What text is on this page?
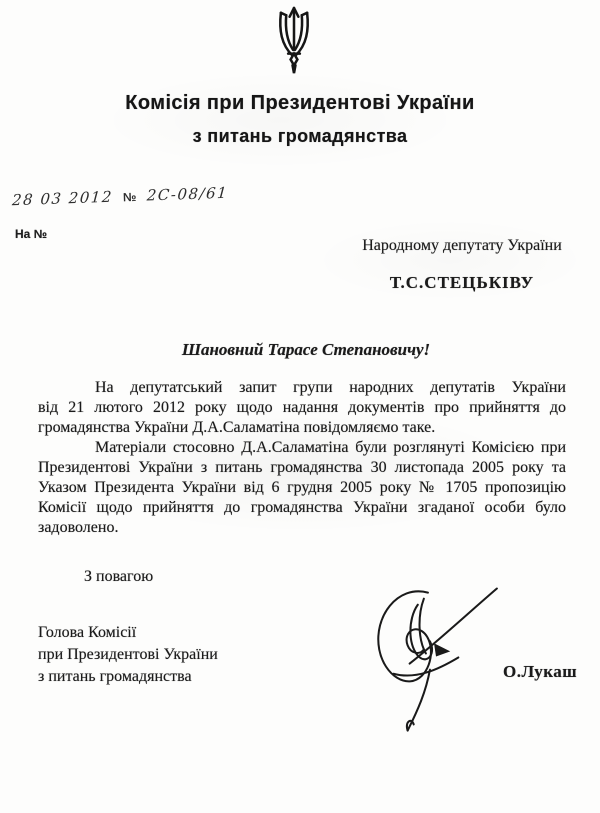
Комісія при Президентові України
з питань громадянства
28 03 2012 № 2С-08/61
На №
Народному депутату України
Т.С.СТЕЦЬКІВУ
Шановний Тарасе Степановичу!
На депутатський запит групи народних депутатів України
від 21 лютого 2012 року щодо надання документів про прийняття до
громадянства України Д.А.Саламатіна повідомляємо таке.
Матеріали стосовно Д.А.Саламатіна були розглянуті Комісією при
Президентові України з питань громадянства 30 листопада 2005 року та
Указом Президента України від 6 грудня 2005 року № 1705 пропозицію
Комісії щодо прийняття до громадянства України згаданої особи було
задоволено.
З повагою
Голова Комісії
при Президентові України
з питань громадянства	О.Лукаш
